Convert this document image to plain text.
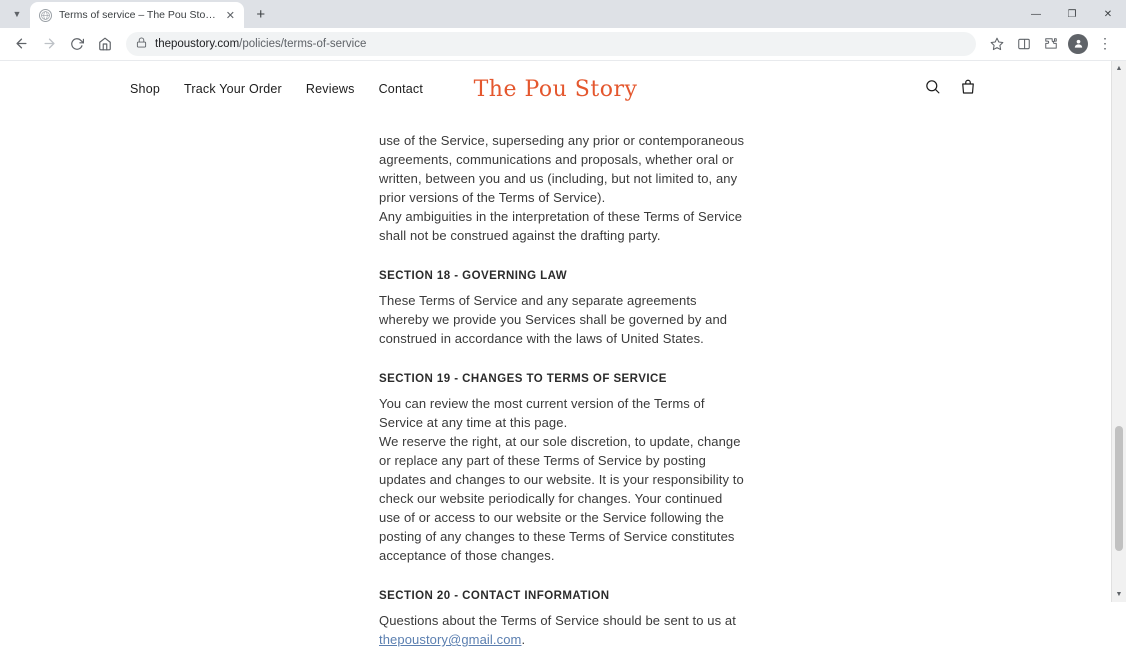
▼	Terms of service – The Pou Sto… ✕	+	—	❐	✕
thepoustory.com/policies/terms-of-service	⋮
Shop Track Your Order Reviews Contact	The Pou Story

use of the Service, superseding any prior or contemporaneous agreements, communications and proposals, whether oral or written, between you and us (including, but not limited to, any prior versions of the Terms of Service).

Any ambiguities in the interpretation of these Terms of Service shall not be construed against the drafting party.

SECTION 18 - GOVERNING LAW

These Terms of Service and any separate agreements whereby we provide you Services shall be governed by and construed in accordance with the laws of United States.

SECTION 19 - CHANGES TO TERMS OF SERVICE

You can review the most current version of the Terms of Service at any time at this page.

We reserve the right, at our sole discretion, to update, change or replace any part of these Terms of Service by posting updates and changes to our website. It is your responsibility to check our website periodically for changes. Your continued use of or access to our website or the Service following the posting of any changes to these Terms of Service constitutes acceptance of those changes.

SECTION 20 - CONTACT INFORMATION

Questions about the Terms of Service should be sent to us at thepoustory@gmail.com.

▲
▼
